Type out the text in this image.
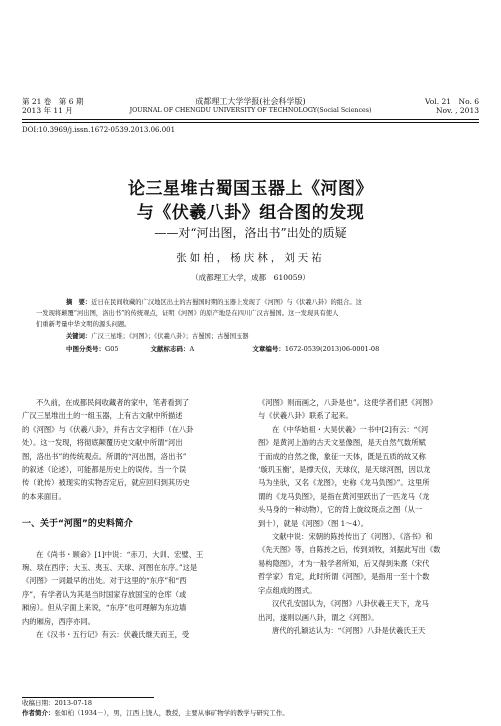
第 21 卷　第 6 期
2013 年 11 月
成都理工大学学报(社会科学版)
JOURNAL OF CHENGDU UNIVERSITY OF TECHNOLOGY(Social Sciences)
Vol. 21　No. 6
Nov. , 2013
DOI:10.3969/j.issn.1672-0539.2013.06.001
论三星堆古蜀国玉器上《河图》
与《伏羲八卦》组合图的发现
——对“河出图，洛出书”出处的质疑
张如柏，杨庆林，刘天祐
（成都理工大学，成都　610059）
摘　要：近日在民间收藏的广汉地区出土的古蜀国时期的玉器上发现了《河图》与《伏羲八卦》的组合。这
一发现将颠覆“河出图，洛出书”的传统观点，证明《河图》的原产地是在四川广汉古蜀国。这一发现具有使人
们重新考量中华文明的源头问题。
关键词：广汉三星堆；《河图》；《伏羲八卦》；古蜀国；古蜀国玉器
中图分类号：G05	文献标志码：A	文章编号：1672-0539(2013)06-0001-08
不久前，在成都民间收藏者的家中，笔者看到了
广汉三星堆出土的一组玉器，上有古文献中所描述
的《河图》与《伏羲八卦》，并有古文字相伴（在八卦
处）。这一发现，将彻底颠覆历史文献中所谓“河出
图，洛出书”的传统观点。所谓的“河出图，洛出书”
的叙述（论述），可能都是历史上的误传。当一个误
传（讹传）被现实的实物否定后，就应回归到其历史
的本来面目。
一、关于“河图”的史料简介
在《尚书・顾命》[1]中说：“赤刀、大训、宏璧、王
琬、琰在西序；大玉、夷玉、天球、河图在东序。”这是
《河图》一词最早的出处。对于这里的“东序”和“西
序”，有学者认为其是当时国家存放国宝的仓库（或
厢房）。但从字面上来说，“东序”也可理解为东边墙
内的厢房，西序亦同。
在《汉书・五行记》有云：伏羲氏继天而王，受
《河图》则而画之，八卦是也”。这使学者们把《河图》
与《伏羲八卦》联系了起来。
在《中华始祖・大昊伏羲》一书中[2]有云：“《河
图》是黄河上游的古天文星像图，是天自然气数所赋
于而成的自然之像，象征一天体，既是五质的故又称
‘璇玑玉衡’，是撑天仪，天球仪，是天球河图，因以龙
马为坐驮，又名《龙图》，史称《龙马负图》”。这里所
谓的《龙马负图》，是指在黄河里跃出了一匹龙马（龙
头马身的一种动物），它的背上旋纹斑点之图（从一
到十），就是《河图》（图 1～4）。
文献中说：宋朝的陈抟传出了《河图》、《洛书》和
《先天图》等，自陈抟之后，传到刘牧，刘据此写出《数
易构隐图》，才为一般学者所知，后又得到朱熹（宋代
哲学家）肯定，此时所谓《河图》，是指用一至十个数
字点组成的图式。
汉代孔安国认为，《河图》八卦伏羲王天下，龙马
出河，遂则以画八卦，谓之《河图》。
唐代的孔颖达认为：“《河图》八卦是伏羲氏王天
收稿日期：2013-07-18
作者简介：张如柏（1934－），男，江西上饶人，教授，主要从事矿物学的教学与研究工作。
